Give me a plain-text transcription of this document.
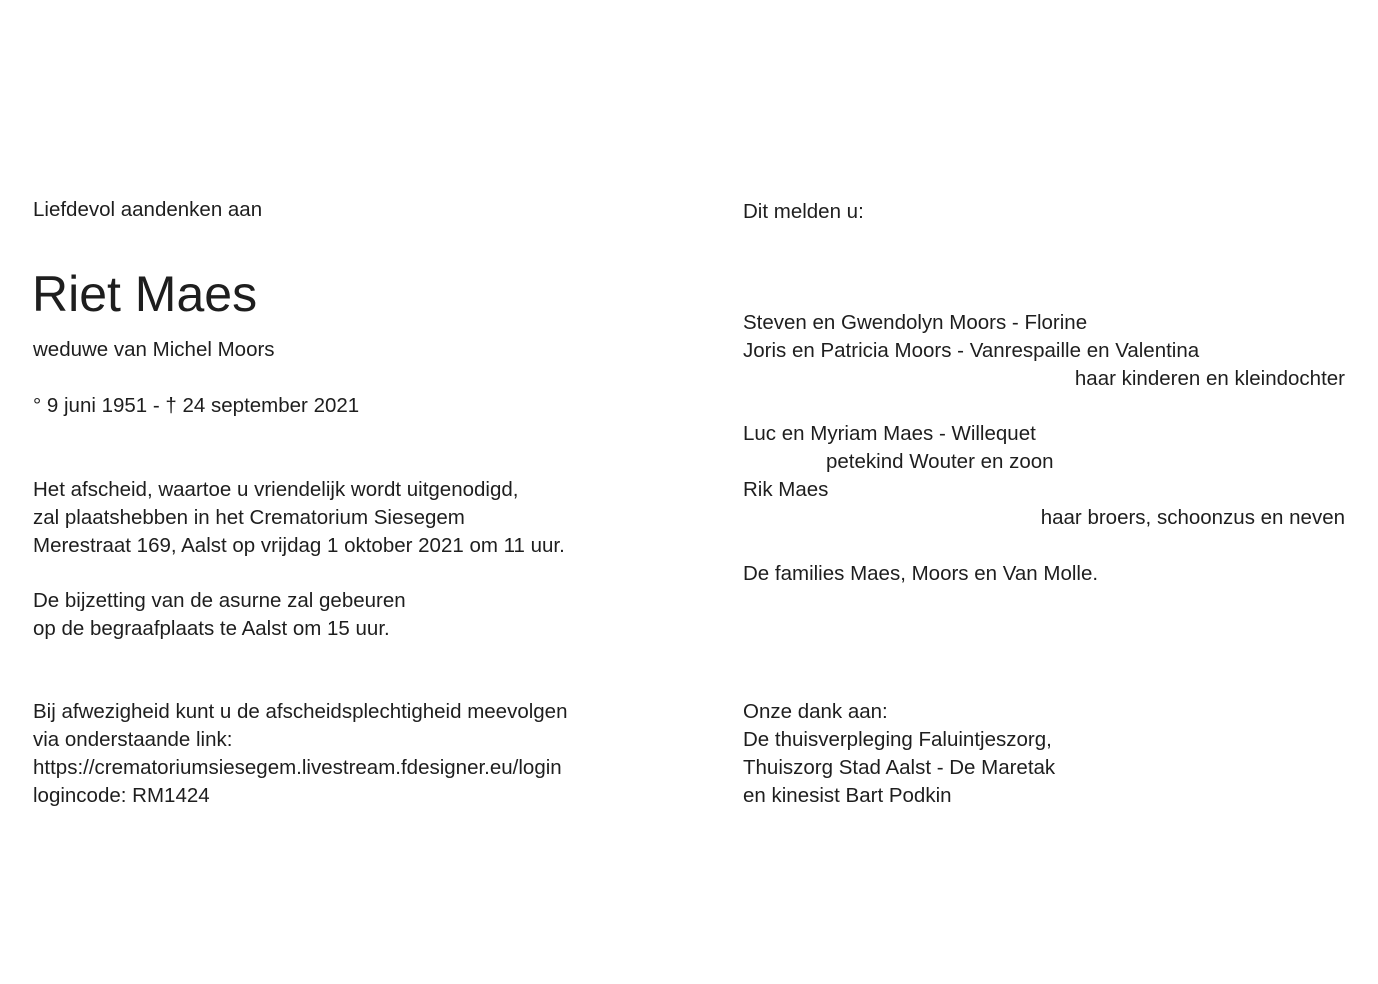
Liefdevol aandenken aan

Riet Maes

weduwe van Michel Moors

° 9 juni 1951 - † 24 september 2021

Het afscheid, waartoe u vriendelijk wordt uitgenodigd,
zal plaatshebben in het Crematorium Siesegem
Merestraat 169, Aalst op vrijdag 1 oktober 2021 om 11 uur.
De bijzetting van de asurne zal gebeuren
op de begraafplaats te Aalst om 15 uur.
Bij afwezigheid kunt u de afscheidsplechtigheid meevolgen
via onderstaande link:
https://crematoriumsiesegem.livestream.fdesigner.eu/login
logincode: RM1424

Dit melden u:

Steven en Gwendolyn Moors - Florine
Joris en Patricia Moors - Vanrespaille en Valentina

haar kinderen en kleindochter

Luc en Myriam Maes - Willequet

petekind Wouter en zoon

Rik Maes

haar broers, schoonzus en neven

De families Maes, Moors en Van Molle.

Onze dank aan:
De thuisverpleging Faluintjeszorg,
Thuiszorg Stad Aalst - De Maretak
en kinesist Bart Podkin
